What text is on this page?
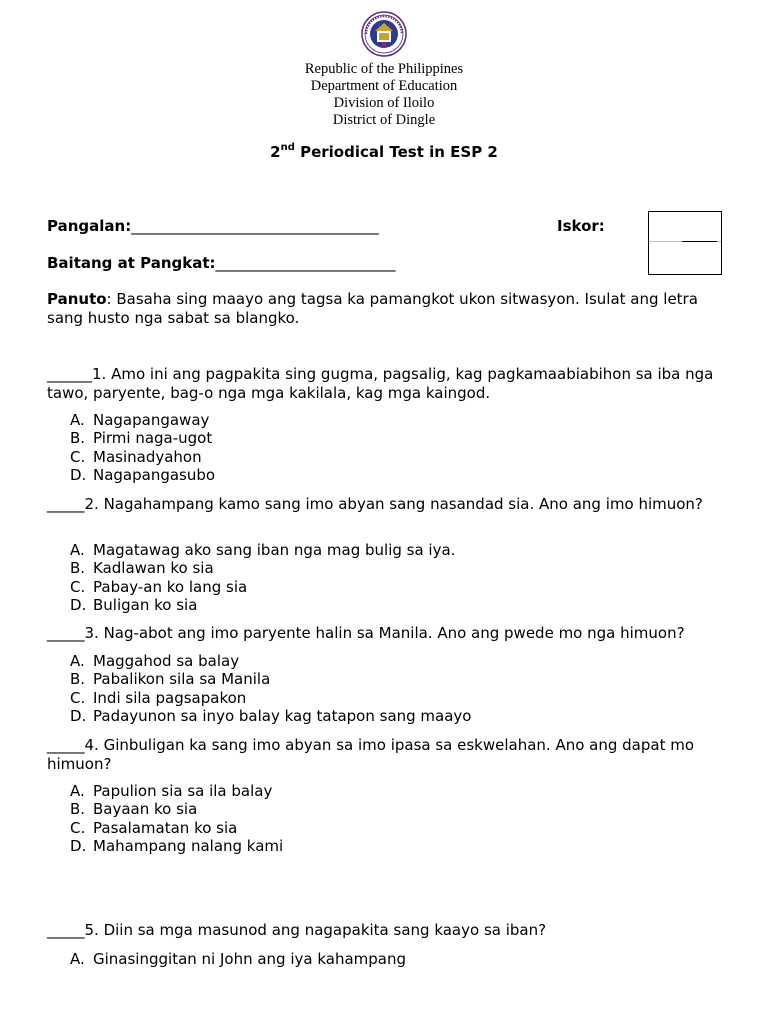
Republic of the Philippines
Department of Education
Division of Iloilo
District of Dingle
2nd Periodical Test in ESP 2
Pangalan:_________________________________	Iskor:
Baitang at Pangkat:________________________
Panuto: Basaha sing maayo ang tagsa ka pamangkot ukon sitwasyon. Isulat ang letra sang husto nga sabat sa blangko.
______1. Amo ini ang pagpakita sing gugma, pagsalig, kag pagkamaabiabihon sa iba nga tawo, paryente, bag-o nga mga kakilala, kag mga kaingod.
A. Nagapangaway
B. Pirmi naga-ugot
C. Masinadyahon
D. Nagapangasubo
_____2. Nagahampang kamo sang imo abyan sang nasandad sia. Ano ang imo himuon?
A. Magatawag ako sang iban nga mag bulig sa iya.
B. Kadlawan ko sia
C. Pabay-an ko lang sia
D. Buligan ko sia
_____3. Nag-abot ang imo paryente halin sa Manila. Ano ang pwede mo nga himuon?
A. Maggahod sa balay
B. Pabalikon sila sa Manila
C. Indi sila pagsapakon
D. Padayunon sa inyo balay kag tatapon sang maayo
_____4. Ginbuligan ka sang imo abyan sa imo ipasa sa eskwelahan. Ano ang dapat mo himuon?
A. Papulion sia sa ila balay
B. Bayaan ko sia
C. Pasalamatan ko sia
D. Mahampang nalang kami
_____5. Diin sa mga masunod ang nagapakita sang kaayo sa iban?
A. Ginasinggitan ni John ang iya kahampang
